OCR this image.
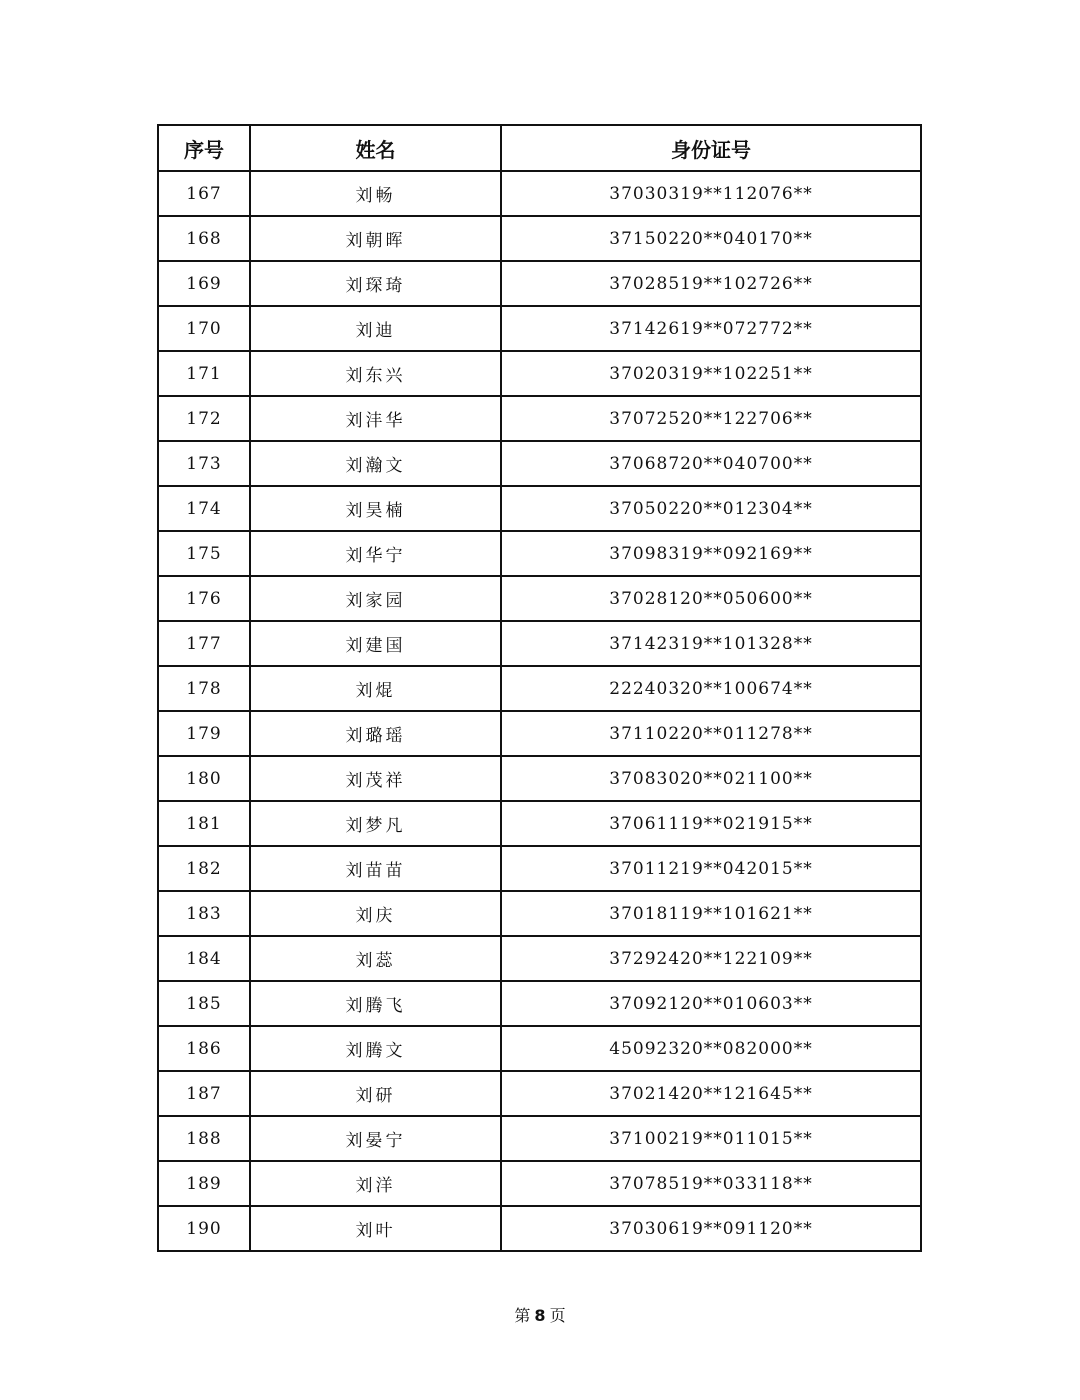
序号	姓名	身份证号
167	刘畅	37030319**112076**
168	刘朝晖	37150220**040170**
169	刘琛琦	37028519**102726**
170	刘迪	37142619**072772**
171	刘东兴	37020319**102251**
172	刘沣华	37072520**122706**
173	刘瀚文	37068720**040700**
174	刘昊楠	37050220**012304**
175	刘华宁	37098319**092169**
176	刘家园	37028120**050600**
177	刘建国	37142319**101328**
178	刘焜	22240320**100674**
179	刘璐瑶	37110220**011278**
180	刘茂祥	37083020**021100**
181	刘梦凡	37061119**021915**
182	刘苗苗	37011219**042015**
183	刘庆	37018119**101621**
184	刘蕊	37292420**122109**
185	刘腾飞	37092120**010603**
186	刘腾文	45092320**082000**
187	刘研	37021420**121645**
188	刘晏宁	37100219**011015**
189	刘洋	37078519**033118**
190	刘叶	37030619**091120**
第 8 页
